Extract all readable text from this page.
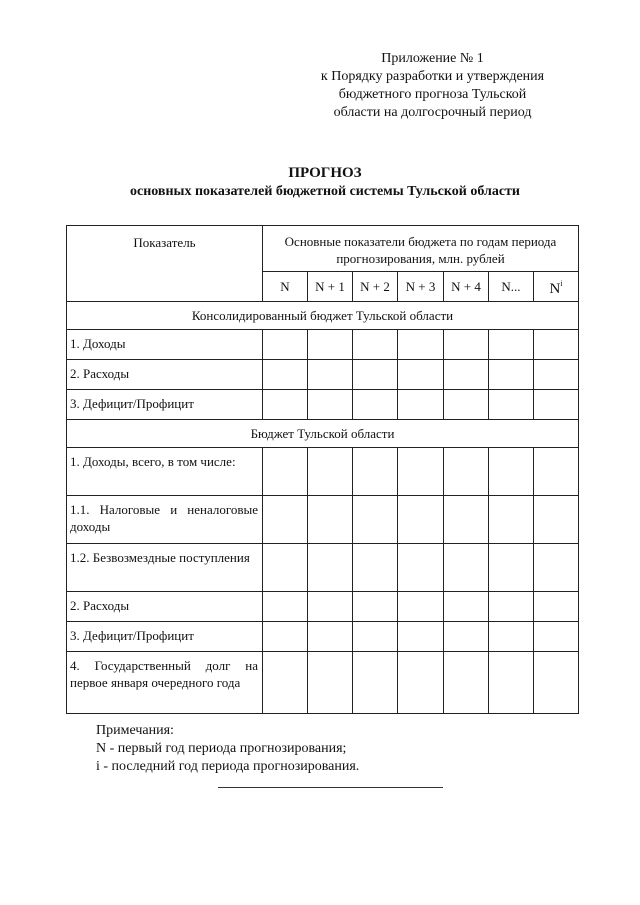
Приложение № 1
к Порядку разработки и утверждения
бюджетного прогноза Тульской
области на долгосрочный период
ПРОГНОЗ
основных показателей бюджетной системы Тульской области
Показатель	Основные показатели бюджета по годам периода прогнозирования, млн. рублей						
	N	N + 1	N + 2	N + 3	N + 4	N...	$N^i$
Консолидированный бюджет Тульской области							
1. Доходы							
2. Расходы							
3. Дефицит/Профицит							
Бюджет Тульской области							
1. Доходы, всего, в том числе:							
1.1. Налоговые и неналоговые доходы							
1.2. Безвозмездные поступления							
2. Расходы							
3. Дефицит/Профицит							
4. Государственный долг на первое января очередного года							
Примечания:
N - первый год периода прогнозирования;
i - последний год периода прогнозирования.
